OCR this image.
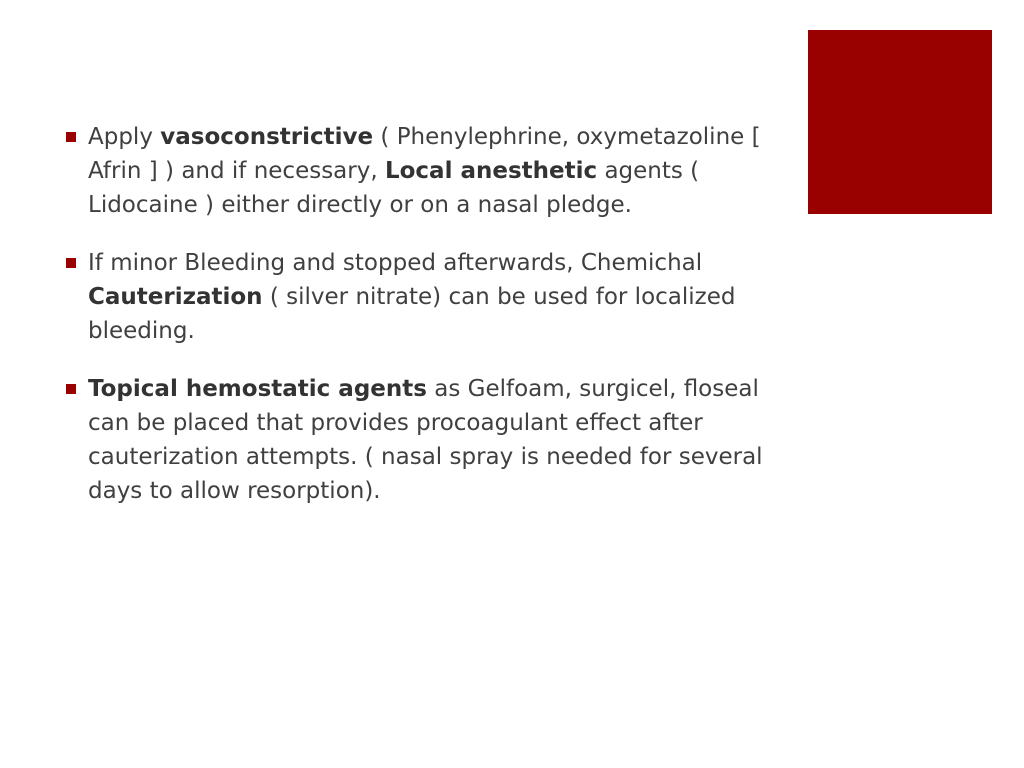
Apply vasoconstrictive ( Phenylephrine, oxymetazoline [ Afrin ] ) and if necessary, Local anesthetic agents ( Lidocaine ) either directly or on a nasal pledge.
If minor Bleeding and stopped afterwards, Chemichal Cauterization ( silver nitrate) can be used for localized bleeding.
Topical hemostatic agents as Gelfoam, surgicel, floseal can be placed that provides procoagulant effect after cauterization attempts. ( nasal spray is needed for several days to allow resorption).
